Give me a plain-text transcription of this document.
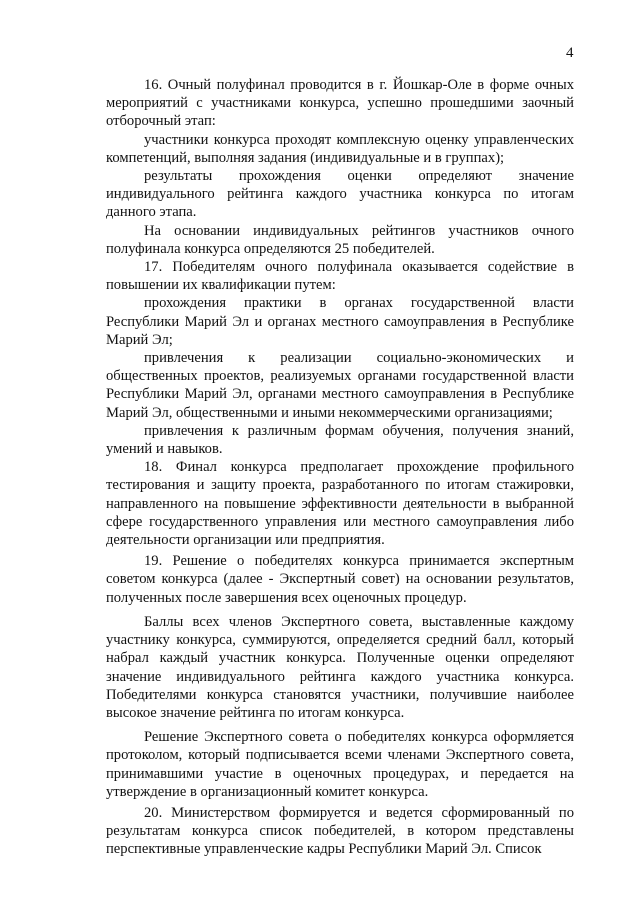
4

16. Очный полуфинал проводится в г. Йошкар-Оле в форме очных мероприятий с участниками конкурса, успешно прошедшими заочный отборочный этап:

участники конкурса проходят комплексную оценку управленческих компетенций, выполняя задания (индивидуальные и в группах);

результаты прохождения оценки определяют значение индивидуального рейтинга каждого участника конкурса по итогам данного этапа.

На основании индивидуальных рейтингов участников очного полуфинала конкурса определяются 25 победителей.

17. Победителям очного полуфинала оказывается содействие в повышении их квалификации путем:

прохождения практики в органах государственной власти Республики Марий Эл и органах местного самоуправления в Республике Марий Эл;

привлечения к реализации социально-экономических и общественных проектов, реализуемых органами государственной власти Республики Марий Эл, органами местного самоуправления в Республике Марий Эл, общественными и иными некоммерческими организациями;

привлечения к различным формам обучения, получения знаний, умений и навыков.

18. Финал конкурса предполагает прохождение профильного тестирования и защиту проекта, разработанного по итогам стажировки, направленного на повышение эффективности деятельности в выбранной сфере государственного управления или местного самоуправления либо деятельности организации или предприятия.

19. Решение о победителях конкурса принимается экспертным советом конкурса (далее - Экспертный совет) на основании результатов, полученных после завершения всех оценочных процедур.

Баллы всех членов Экспертного совета, выставленные каждому участнику конкурса, суммируются, определяется средний балл, который набрал каждый участник конкурса. Полученные оценки определяют значение индивидуального рейтинга каждого участника конкурса. Победителями конкурса становятся участники, получившие наиболее высокое значение рейтинга по итогам конкурса.

Решение Экспертного совета о победителях конкурса оформляется протоколом, который подписывается всеми членами Экспертного совета, принимавшими участие в оценочных процедурах, и передается на утверждение в организационный комитет конкурса.

20. Министерством формируется и ведется сформированный по результатам конкурса список победителей, в котором представлены перспективные управленческие кадры Республики Марий Эл. Список
